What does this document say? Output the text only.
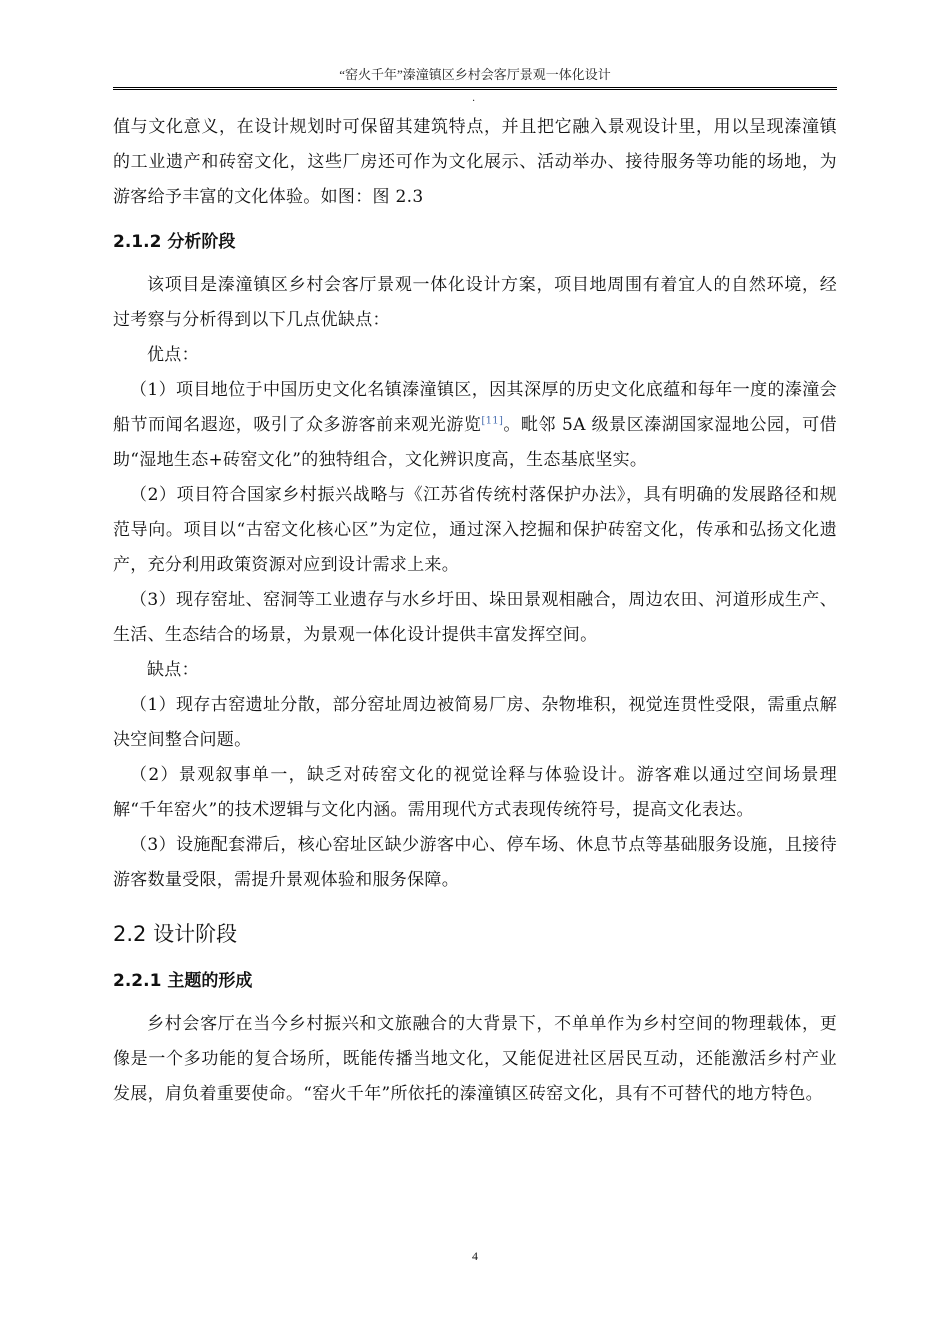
“窑火千年”溱潼镇区乡村会客厅景观一体化设计
.

值与文化意义，在设计规划时可保留其建筑特点，并且把它融入景观设计里，用以呈现溱潼镇的工业遗产和砖窑文化，这些厂房还可作为文化展示、活动举办、接待服务等功能的场地，为游客给予丰富的文化体验。如图：图 2.3

2.1.2 分析阶段

该项目是溱潼镇区乡村会客厅景观一体化设计方案，项目地周围有着宜人的自然环境，经过考察与分析得到以下几点优缺点：

优点：

（1）项目地位于中国历史文化名镇溱潼镇区，因其深厚的历史文化底蕴和每年一度的溱潼会船节而闻名遐迩，吸引了众多游客前来观光游览[11]。毗邻 5A 级景区溱湖国家湿地公园，可借助“湿地生态+砖窑文化”的独特组合，文化辨识度高，生态基底坚实。

（2）项目符合国家乡村振兴战略与《江苏省传统村落保护办法》，具有明确的发展路径和规范导向。项目以“古窑文化核心区”为定位，通过深入挖掘和保护砖窑文化，传承和弘扬文化遗产，充分利用政策资源对应到设计需求上来。

（3）现存窑址、窑洞等工业遗存与水乡圩田、垛田景观相融合，周边农田、河道形成生产、生活、生态结合的场景，为景观一体化设计提供丰富发挥空间。

缺点：

（1）现存古窑遗址分散，部分窑址周边被简易厂房、杂物堆积，视觉连贯性受限，需重点解决空间整合问题。

（2）景观叙事单一，缺乏对砖窑文化的视觉诠释与体验设计。游客难以通过空间场景理解“千年窑火”的技术逻辑与文化内涵。需用现代方式表现传统符号，提高文化表达。

（3）设施配套滞后，核心窑址区缺少游客中心、停车场、休息节点等基础服务设施，且接待游客数量受限，需提升景观体验和服务保障。

2.2 设计阶段
2.2.1 主题的形成

乡村会客厅在当今乡村振兴和文旅融合的大背景下，不单单作为乡村空间的物理载体，更像是一个多功能的复合场所，既能传播当地文化，又能促进社区居民互动，还能激活乡村产业发展，肩负着重要使命。“窑火千年”所依托的溱潼镇区砖窑文化，具有不可替代的地方特色。

4
